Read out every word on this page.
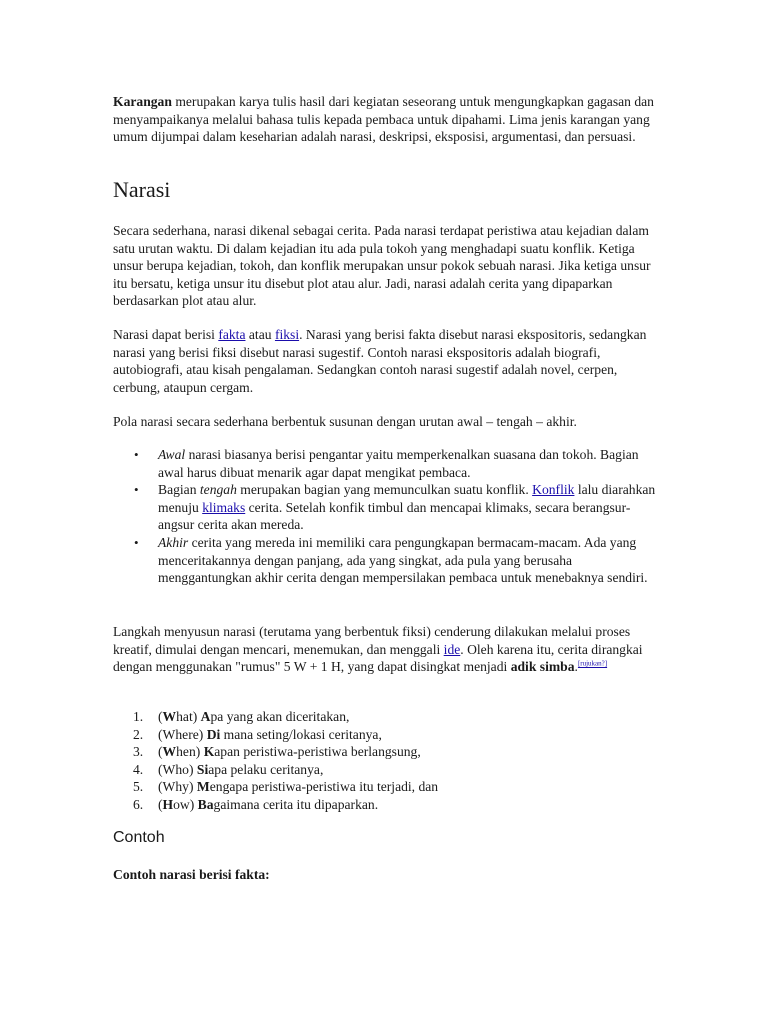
Karangan merupakan karya tulis hasil dari kegiatan seseorang untuk mengungkapkan gagasan dan menyampaikanya melalui bahasa tulis kepada pembaca untuk dipahami. Lima jenis karangan yang umum dijumpai dalam keseharian adalah narasi, deskripsi, eksposisi, argumentasi, dan persuasi.

Narasi

Secara sederhana, narasi dikenal sebagai cerita. Pada narasi terdapat peristiwa atau kejadian dalam satu urutan waktu. Di dalam kejadian itu ada pula tokoh yang menghadapi suatu konflik. Ketiga unsur berupa kejadian, tokoh, dan konflik merupakan unsur pokok sebuah narasi. Jika ketiga unsur itu bersatu, ketiga unsur itu disebut plot atau alur. Jadi, narasi adalah cerita yang dipaparkan berdasarkan plot atau alur.

Narasi dapat berisi fakta atau fiksi. Narasi yang berisi fakta disebut narasi ekspositoris, sedangkan narasi yang berisi fiksi disebut narasi sugestif. Contoh narasi ekspositoris adalah biografi, autobiografi, atau kisah pengalaman. Sedangkan contoh narasi sugestif adalah novel, cerpen, cerbung, ataupun cergam.

Pola narasi secara sederhana berbentuk susunan dengan urutan awal – tengah – akhir.

• Awal narasi biasanya berisi pengantar yaitu memperkenalkan suasana dan tokoh. Bagian awal harus dibuat menarik agar dapat mengikat pembaca.
• Bagian tengah merupakan bagian yang memunculkan suatu konflik. Konflik lalu diarahkan menuju klimaks cerita. Setelah konfik timbul dan mencapai klimaks, secara berangsur-angsur cerita akan mereda.
• Akhir cerita yang mereda ini memiliki cara pengungkapan bermacam-macam. Ada yang menceritakannya dengan panjang, ada yang singkat, ada pula yang berusaha menggantungkan akhir cerita dengan mempersilakan pembaca untuk menebaknya sendiri.

Langkah menyusun narasi (terutama yang berbentuk fiksi) cenderung dilakukan melalui proses kreatif, dimulai dengan mencari, menemukan, dan menggali ide. Oleh karena itu, cerita dirangkai dengan menggunakan "rumus" 5 W + 1 H, yang dapat disingkat menjadi adik simba.[rujukan?]

1. (What) Apa yang akan diceritakan,
2. (Where) Di mana seting/lokasi ceritanya,
3. (When) Kapan peristiwa-peristiwa berlangsung,
4. (Who) Siapa pelaku ceritanya,
5. (Why) Mengapa peristiwa-peristiwa itu terjadi, dan
6. (How) Bagaimana cerita itu dipaparkan.
Contoh
Contoh narasi berisi fakta:
